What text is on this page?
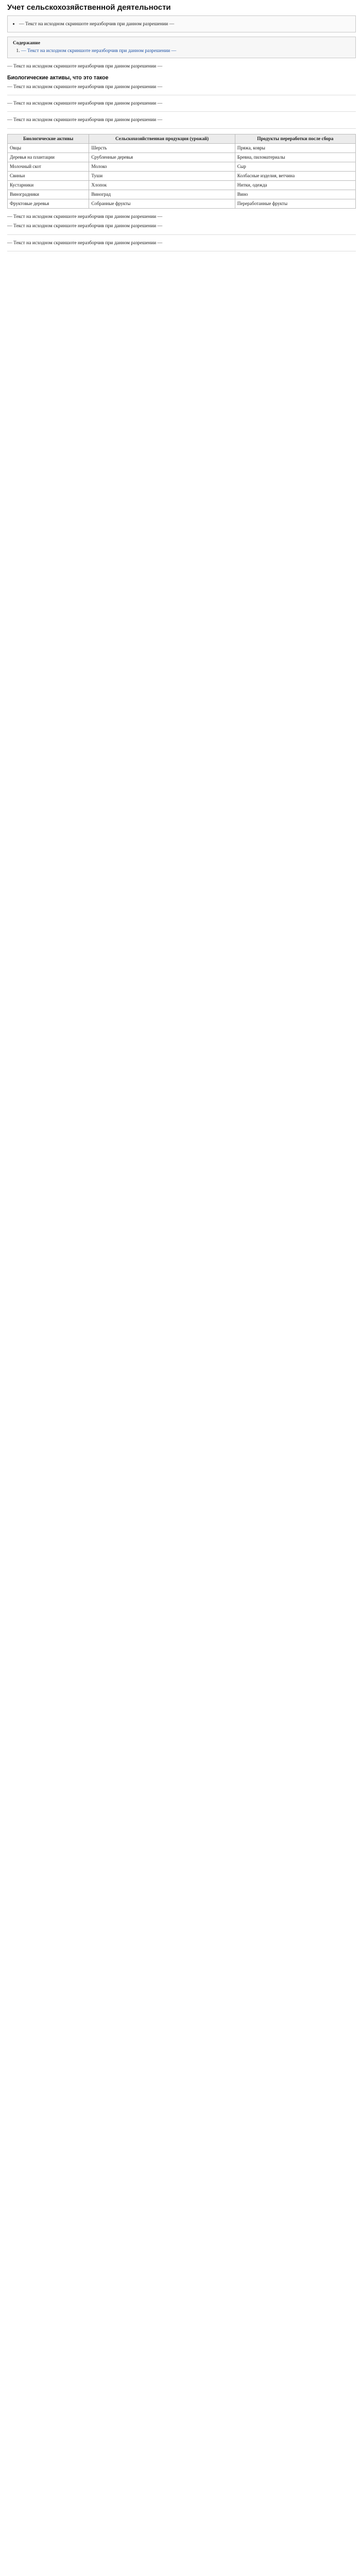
Учет сельскохозяйственной деятельности
• — Текст на исходном скриншоте неразборчив при данном разрешении —
Содержание
1. — Текст на исходном скриншоте неразборчив при данном разрешении —

— Текст на исходном скриншоте неразборчив при данном разрешении —

Биологические активы, что это такое

— Текст на исходном скриншоте неразборчив при данном разрешении —

— Текст на исходном скриншоте неразборчив при данном разрешении —

— Текст на исходном скриншоте неразборчив при данном разрешении —

Биологические активы	Сельскохозяйственная продукция (урожай)	Продукты переработки после сбора
Овцы	Шерсть	Пряжа, ковры
Деревья на плантации	Срубленные деревья	Бревна, пиломатериалы
Молочный скот	Молоко	Сыр
Свиньи	Туши	Колбасные изделия, ветчина
Кустарники	Хлопок	Нитки, одежда
Виноградники	Виноград	Вино
Фруктовые деревья	Собранные фрукты	Переработанные фрукты

— Текст на исходном скриншоте неразборчив при данном разрешении —

— Текст на исходном скриншоте неразборчив при данном разрешении —

— Текст на исходном скриншоте неразборчив при данном разрешении —
